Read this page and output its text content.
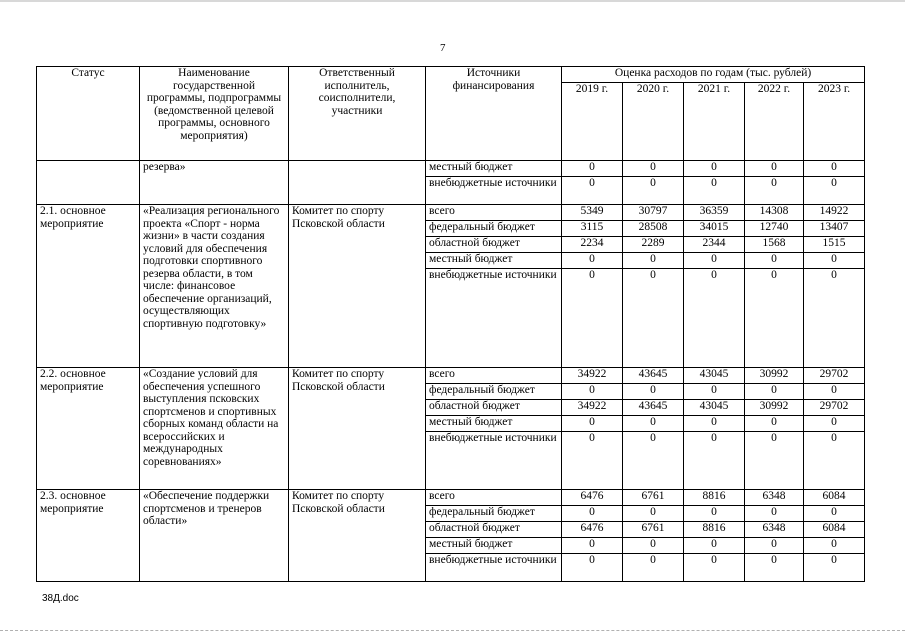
7
Статус	Наименование государственной программы, подпрограммы (ведомственной целевой программы, основного мероприятия)	Ответственный исполнитель, соисполнители, участники	Источники финансирования	Оценка расходов по годам (тыс. рублей)				
				2019 г.	2020 г.	2021 г.	2022 г.	2023 г.
	резерва»		местный бюджет	0	0	0	0	0
			внебюджетные источники	0	0	0	0	0
2.1. основное мероприятие	«Реализация регионального проекта «Спорт - норма жизни» в части создания условий для обеспечения подготовки спортивного резерва области, в том числе: финансовое обеспечение организаций, осуществляющих спортивную подготовку»	Комитет по спорту Псковской области	всего	5349	30797	36359	14308	14922
			федеральный бюджет	3115	28508	34015	12740	13407
			областной бюджет	2234	2289	2344	1568	1515
			местный бюджет	0	0	0	0	0
			внебюджетные источники	0	0	0	0	0
2.2. основное мероприятие	«Создание условий для обеспечения успешного выступления псковских спортсменов и спортивных сборных команд области на всероссийских и международных соревнованиях»	Комитет по спорту Псковской области	всего	34922	43645	43045	30992	29702
			федеральный бюджет	0	0	0	0	0
			областной бюджет	34922	43645	43045	30992	29702
			местный бюджет	0	0	0	0	0
			внебюджетные источники	0	0	0	0	0
2.3. основное мероприятие	«Обеспечение поддержки спортсменов и тренеров области»	Комитет по спорту Псковской области	всего	6476	6761	8816	6348	6084
			федеральный бюджет	0	0	0	0	0
			областной бюджет	6476	6761	8816	6348	6084
			местный бюджет	0	0	0	0	0
			внебюджетные источники	0	0	0	0	0
38Д.doc
